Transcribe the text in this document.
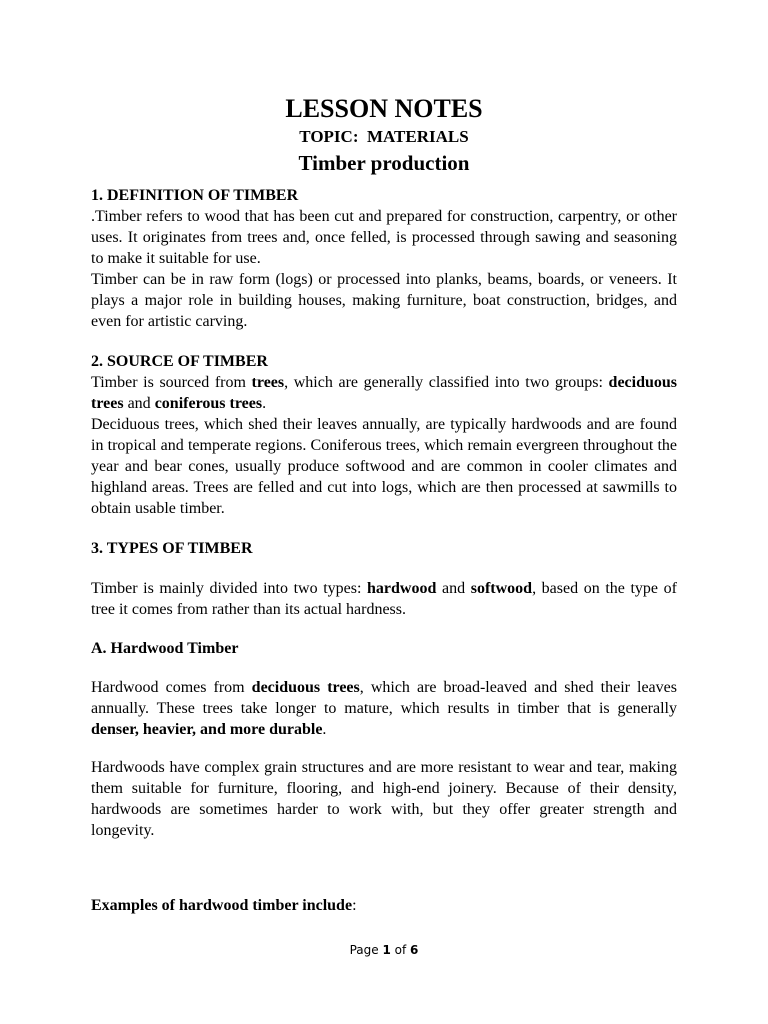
LESSON NOTES
TOPIC:  MATERIALS
Timber production
1. DEFINITION OF TIMBER

.Timber refers to wood that has been cut and prepared for construction, carpentry, or other uses. It originates from trees and, once felled, is processed through sawing and seasoning to make it suitable for use.

Timber can be in raw form (logs) or processed into planks, beams, boards, or veneers. It plays a major role in building houses, making furniture, boat construction, bridges, and even for artistic carving.

2. SOURCE OF TIMBER

Timber is sourced from trees, which are generally classified into two groups: deciduous trees and coniferous trees.

Deciduous trees, which shed their leaves annually, are typically hardwoods and are found in tropical and temperate regions. Coniferous trees, which remain evergreen throughout the year and bear cones, usually produce softwood and are common in cooler climates and highland areas. Trees are felled and cut into logs, which are then processed at sawmills to obtain usable timber.

3. TYPES OF TIMBER

Timber is mainly divided into two types: hardwood and softwood, based on the type of tree it comes from rather than its actual hardness.

A. Hardwood Timber

Hardwood comes from deciduous trees, which are broad-leaved and shed their leaves annually. These trees take longer to mature, which results in timber that is generally denser, heavier, and more durable.

Hardwoods have complex grain structures and are more resistant to wear and tear, making them suitable for furniture, flooring, and high-end joinery. Because of their density, hardwoods are sometimes harder to work with, but they offer greater strength and longevity.

Examples of hardwood timber include:

Page 1 of 6
